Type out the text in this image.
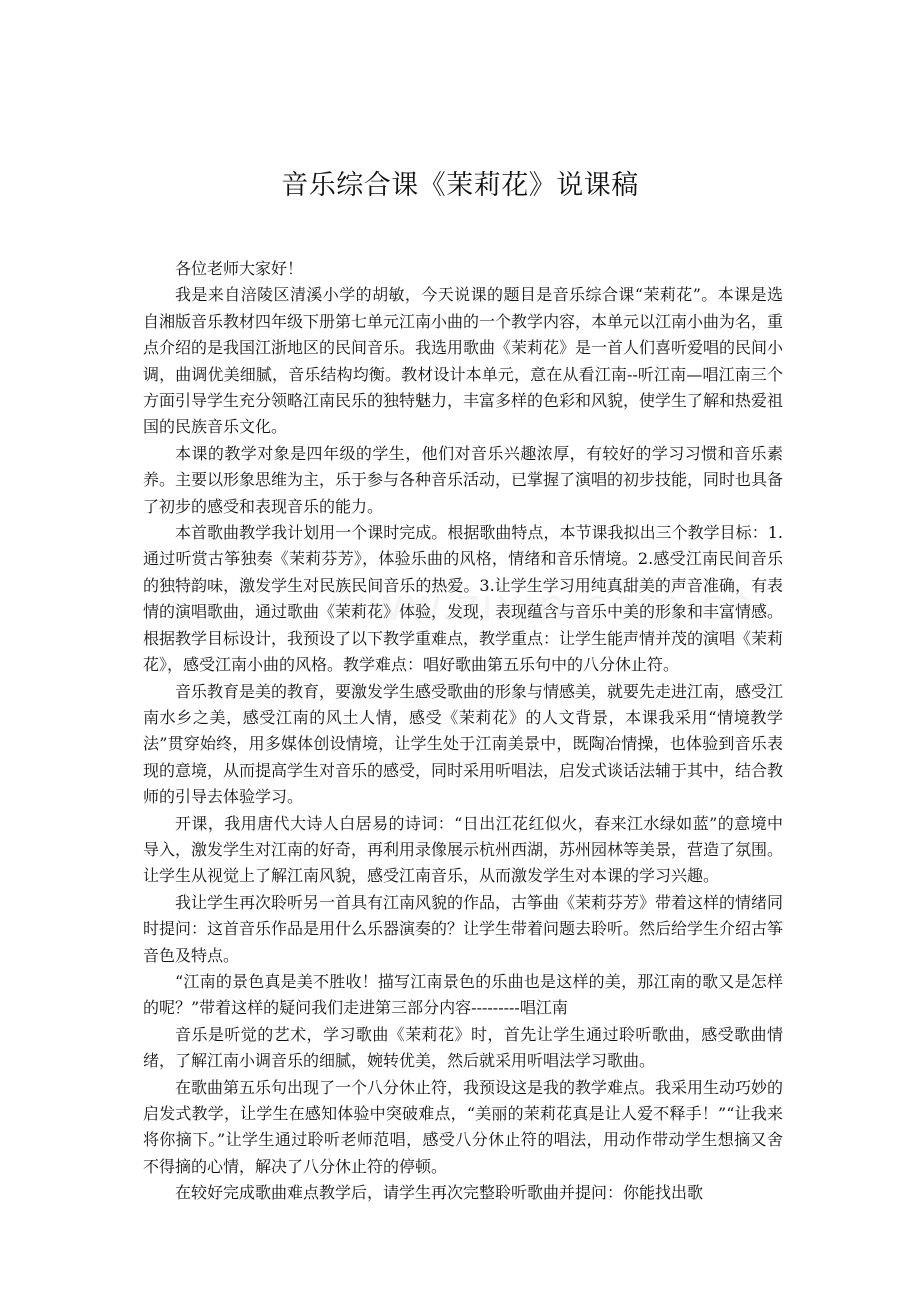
音乐综合课《茉莉花》说课稿

各位老师大家好！

我是来自涪陵区清溪小学的胡敏，今天说课的题目是音乐综合课“茉莉花”。本课是选自湘版音乐教材四年级下册第七单元江南小曲的一个教学内容，本单元以江南小曲为名，重点介绍的是我国江浙地区的民间音乐。我选用歌曲《茉莉花》是一首人们喜听爱唱的民间小调，曲调优美细腻，音乐结构均衡。教材设计本单元，意在从看江南--听江南—唱江南三个方面引导学生充分领略江南民乐的独特魅力，丰富多样的色彩和风貌，使学生了解和热爱祖国的民族音乐文化。

本课的教学对象是四年级的学生，他们对音乐兴趣浓厚，有较好的学习习惯和音乐素养。主要以形象思维为主，乐于参与各种音乐活动，已掌握了演唱的初步技能，同时也具备了初步的感受和表现音乐的能力。

本首歌曲教学我计划用一个课时完成。根据歌曲特点，本节课我拟出三个教学目标：1.通过听赏古筝独奏《茉莉芬芳》，体验乐曲的风格，情绪和音乐情境。2.感受江南民间音乐的独特韵味，激发学生对民族民间音乐的热爱。3.让学生学习用纯真甜美的声音准确，有表情的演唱歌曲，通过歌曲《茉莉花》体验，发现，表现蕴含与音乐中美的形象和丰富情感。根据教学目标设计，我预设了以下教学重难点，教学重点：让学生能声情并茂的演唱《茉莉花》，感受江南小曲的风格。教学难点：唱好歌曲第五乐句中的八分休止符。

音乐教育是美的教育，要激发学生感受歌曲的形象与情感美，就要先走进江南，感受江南水乡之美，感受江南的风土人情，感受《茉莉花》的人文背景，本课我采用“情境教学法”贯穿始终，用多媒体创设情境，让学生处于江南美景中，既陶冶情操，也体验到音乐表现的意境，从而提高学生对音乐的感受，同时采用听唱法，启发式谈话法辅于其中，结合教师的引导去体验学习。

开课，我用唐代大诗人白居易的诗词：“日出江花红似火，春来江水绿如蓝”的意境中导入，激发学生对江南的好奇，再利用录像展示杭州西湖，苏州园林等美景，营造了氛围。让学生从视觉上了解江南风貌，感受江南音乐，从而激发学生对本课的学习兴趣。

我让学生再次聆听另一首具有江南风貌的作品，古筝曲《茉莉芬芳》带着这样的情绪同时提问：这首音乐作品是用什么乐器演奏的？让学生带着问题去聆听。然后给学生介绍古筝音色及特点。

“江南的景色真是美不胜收！描写江南景色的乐曲也是这样的美，那江南的歌又是怎样的呢？”带着这样的疑问我们走进第三部分内容---------唱江南

音乐是听觉的艺术，学习歌曲《茉莉花》时，首先让学生通过聆听歌曲，感受歌曲情绪，了解江南小调音乐的细腻，婉转优美，然后就采用听唱法学习歌曲。

在歌曲第五乐句出现了一个八分休止符，我预设这是我的教学难点。我采用生动巧妙的启发式教学，让学生在感知体验中突破难点，“美丽的茉莉花真是让人爱不释手！”“让我来将你摘下。”让学生通过聆听老师范唱，感受八分休止符的唱法，用动作带动学生想摘又舍不得摘的心情，解决了八分休止符的停顿。

在较好完成歌曲难点教学后，请学生再次完整聆听歌曲并提问：你能找出歌
